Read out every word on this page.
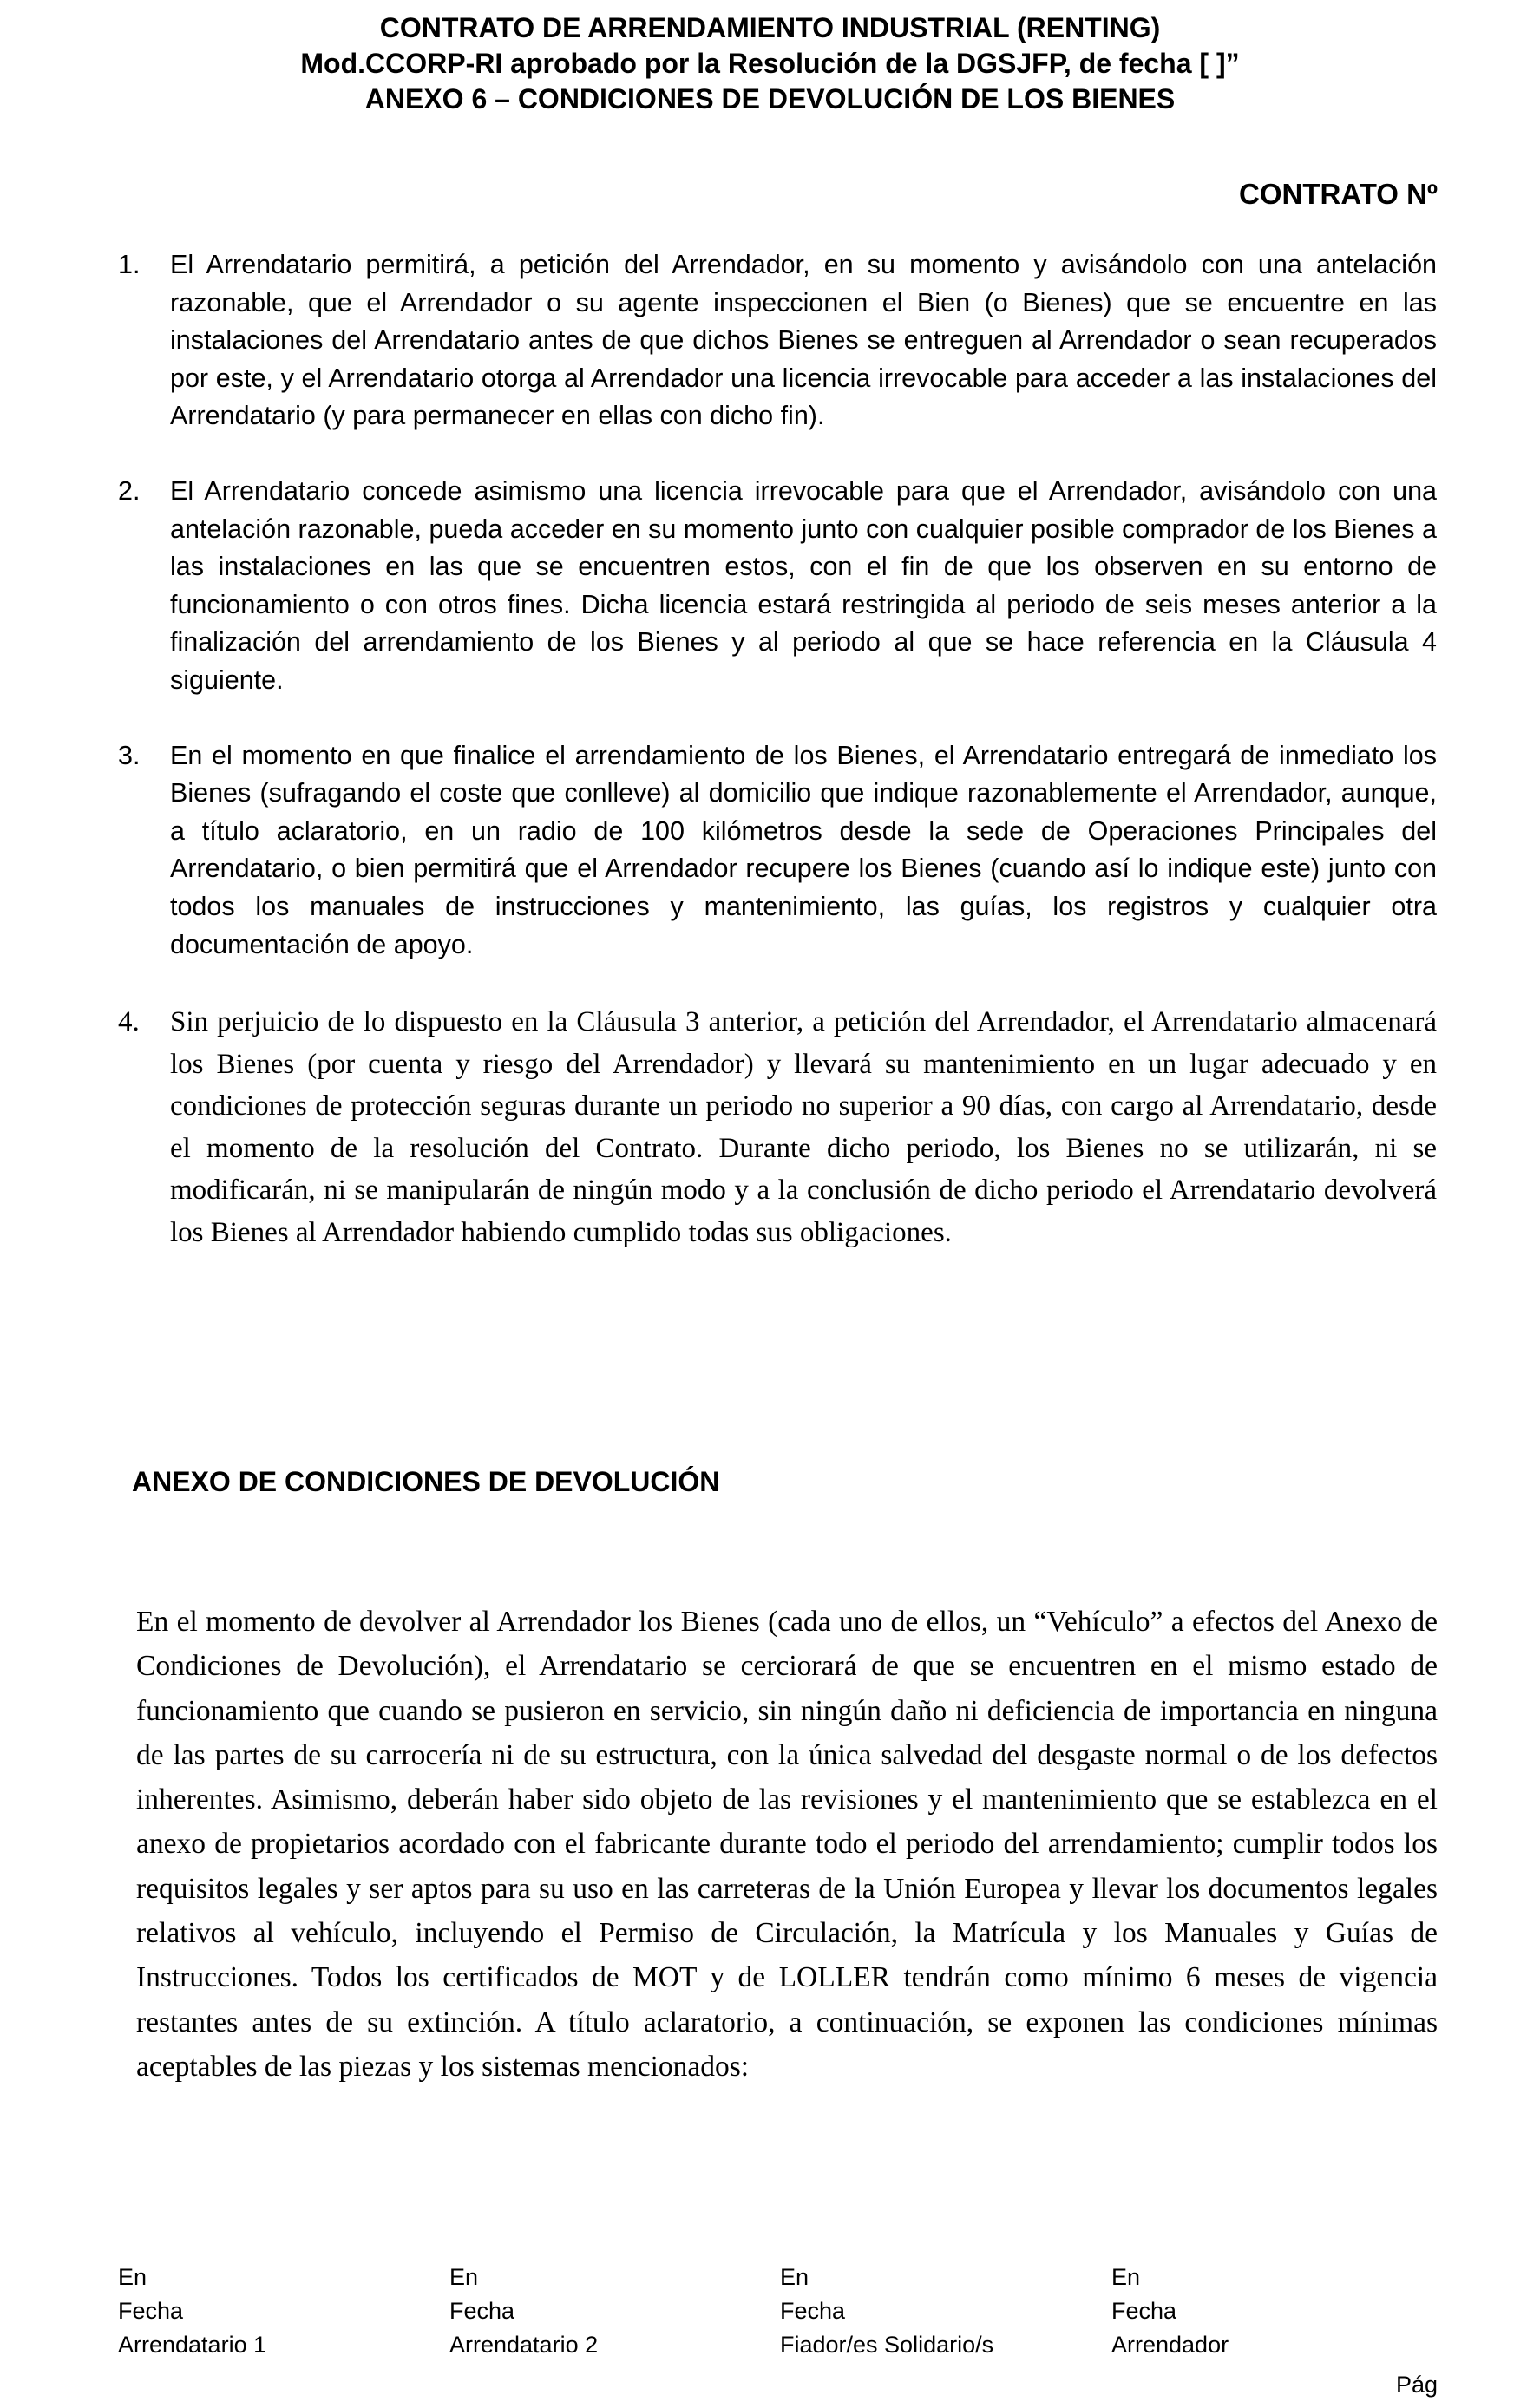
CONTRATO DE ARRENDAMIENTO INDUSTRIAL (RENTING)
Mod.CCORP-RI aprobado por la Resolución de la DGSJFP, de fecha [ ]”
ANEXO 6 – CONDICIONES DE DEVOLUCIÓN DE LOS BIENES
CONTRATO Nº
1. El Arrendatario permitirá, a petición del Arrendador, en su momento y avisándolo con una antelación razonable, que el Arrendador o su agente inspeccionen el Bien (o Bienes) que se encuentre en las instalaciones del Arrendatario antes de que dichos Bienes se entreguen al Arrendador o sean recuperados por este, y el Arrendatario otorga al Arrendador una licencia irrevocable para acceder a las instalaciones del Arrendatario (y para permanecer en ellas con dicho fin).
2. El Arrendatario concede asimismo una licencia irrevocable para que el Arrendador, avisándolo con una antelación razonable, pueda acceder en su momento junto con cualquier posible comprador de los Bienes a las instalaciones en las que se encuentren estos, con el fin de que los observen en su entorno de funcionamiento o con otros fines. Dicha licencia estará restringida al periodo de seis meses anterior a la finalización del arrendamiento de los Bienes y al periodo al que se hace referencia en la Cláusula 4 siguiente.
3. En el momento en que finalice el arrendamiento de los Bienes, el Arrendatario entregará de inmediato los Bienes (sufragando el coste que conlleve) al domicilio que indique razonablemente el Arrendador, aunque, a título aclaratorio, en un radio de 100 kilómetros desde la sede de Operaciones Principales del Arrendatario, o bien permitirá que el Arrendador recupere los Bienes (cuando así lo indique este) junto con todos los manuales de instrucciones y mantenimiento, las guías, los registros y cualquier otra documentación de apoyo.
4. Sin perjuicio de lo dispuesto en la Cláusula 3 anterior, a petición del Arrendador, el Arrendatario almacenará los Bienes (por cuenta y riesgo del Arrendador) y llevará su mantenimiento en un lugar adecuado y en condiciones de protección seguras durante un periodo no superior a 90 días, con cargo al Arrendatario, desde el momento de la resolución del Contrato. Durante dicho periodo, los Bienes no se utilizarán, ni se modificarán, ni se manipularán de ningún modo y a la conclusión de dicho periodo el Arrendatario devolverá los Bienes al Arrendador habiendo cumplido todas sus obligaciones.
ANEXO DE CONDICIONES DE DEVOLUCIÓN

En el momento de devolver al Arrendador los Bienes (cada uno de ellos, un “Vehículo” a efectos del Anexo de Condiciones de Devolución), el Arrendatario se cerciorará de que se encuentren en el mismo estado de funcionamiento que cuando se pusieron en servicio, sin ningún daño ni deficiencia de importancia en ninguna de las partes de su carrocería ni de su estructura, con la única salvedad del desgaste normal o de los defectos inherentes. Asimismo, deberán haber sido objeto de las revisiones y el mantenimiento que se establezca en el anexo de propietarios acordado con el fabricante durante todo el periodo del arrendamiento; cumplir todos los requisitos legales y ser aptos para su uso en las carreteras de la Unión Europea y llevar los documentos legales relativos al vehículo, incluyendo el Permiso de Circulación, la Matrícula y los Manuales y Guías de Instrucciones. Todos los certificados de MOT y de LOLLER tendrán como mínimo 6 meses de vigencia restantes antes de su extinción. A título aclaratorio, a continuación, se exponen las condiciones mínimas aceptables de las piezas y los sistemas mencionados:

En
Fecha
Arrendatario 1
En
Fecha
Arrendatario 2
En
Fecha
Fiador/es Solidario/s
En
Fecha
Arrendador
Pág
